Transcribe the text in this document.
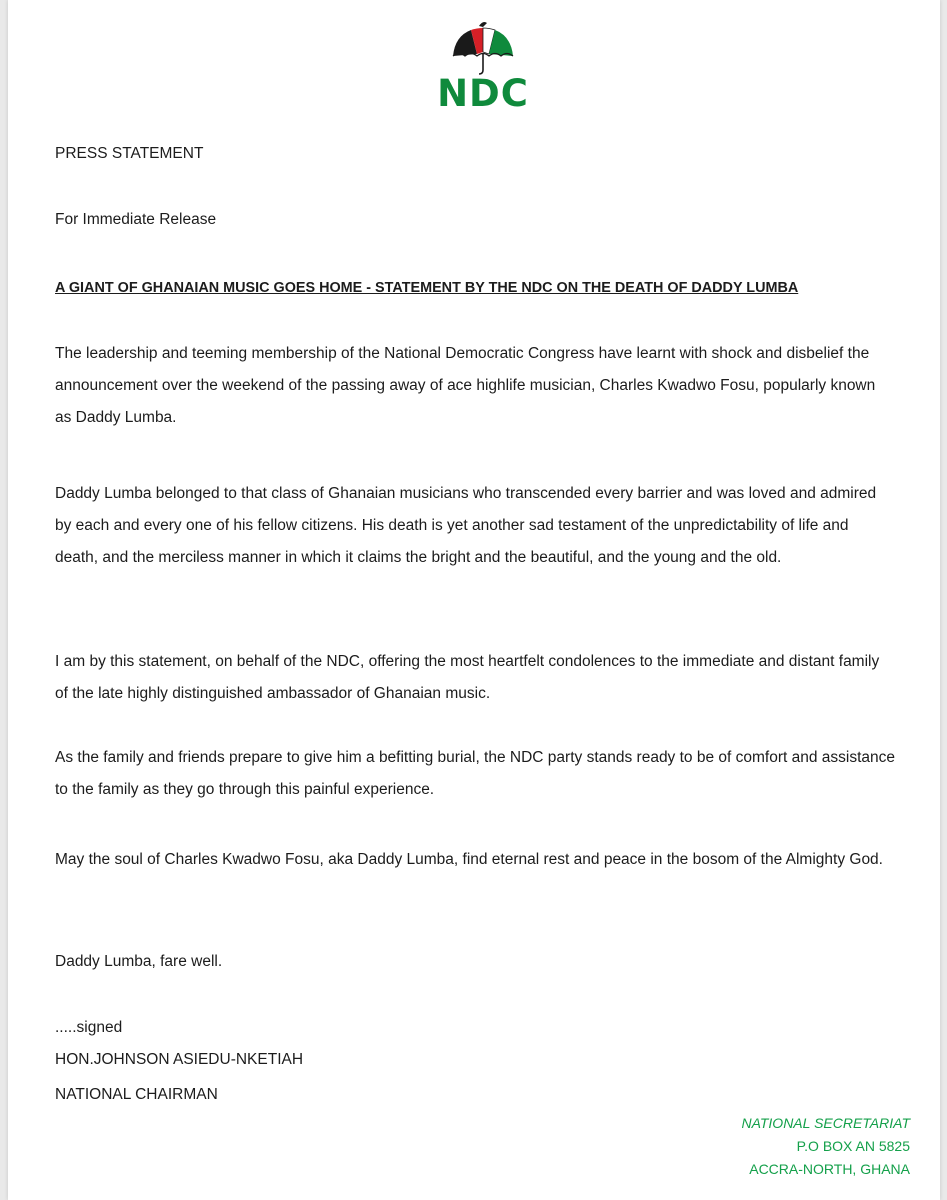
NDC
PRESS STATEMENT
For Immediate Release
A GIANT OF GHANAIAN MUSIC GOES HOME - STATEMENT BY THE NDC ON THE DEATH OF DADDY LUMBA
The leadership and teeming membership of the National Democratic Congress have learnt with shock and disbelief the announcement over the weekend of the passing away of ace highlife musician, Charles Kwadwo Fosu, popularly known as Daddy Lumba.
Daddy Lumba belonged to that class of Ghanaian musicians who transcended every barrier and was loved and admired by each and every one of his fellow citizens. His death is yet another sad testament of the unpredictability of life and death, and the merciless manner in which it claims the bright and the beautiful, and the young and the old.
I am by this statement, on behalf of the NDC, offering the most heartfelt condolences to the immediate and distant family of the late highly distinguished ambassador of Ghanaian music.
As the family and friends prepare to give him a befitting burial, the NDC party stands ready to be of comfort and assistance to the family as they go through this painful experience.
May the soul of Charles Kwadwo Fosu, aka Daddy Lumba, find eternal rest and peace in the bosom of the Almighty God.
Daddy Lumba, fare well.
.....signed
HON.JOHNSON ASIEDU-NKETIAH
NATIONAL CHAIRMAN
NATIONAL SECRETARIAT
P.O BOX AN 5825
ACCRA-NORTH, GHANA
